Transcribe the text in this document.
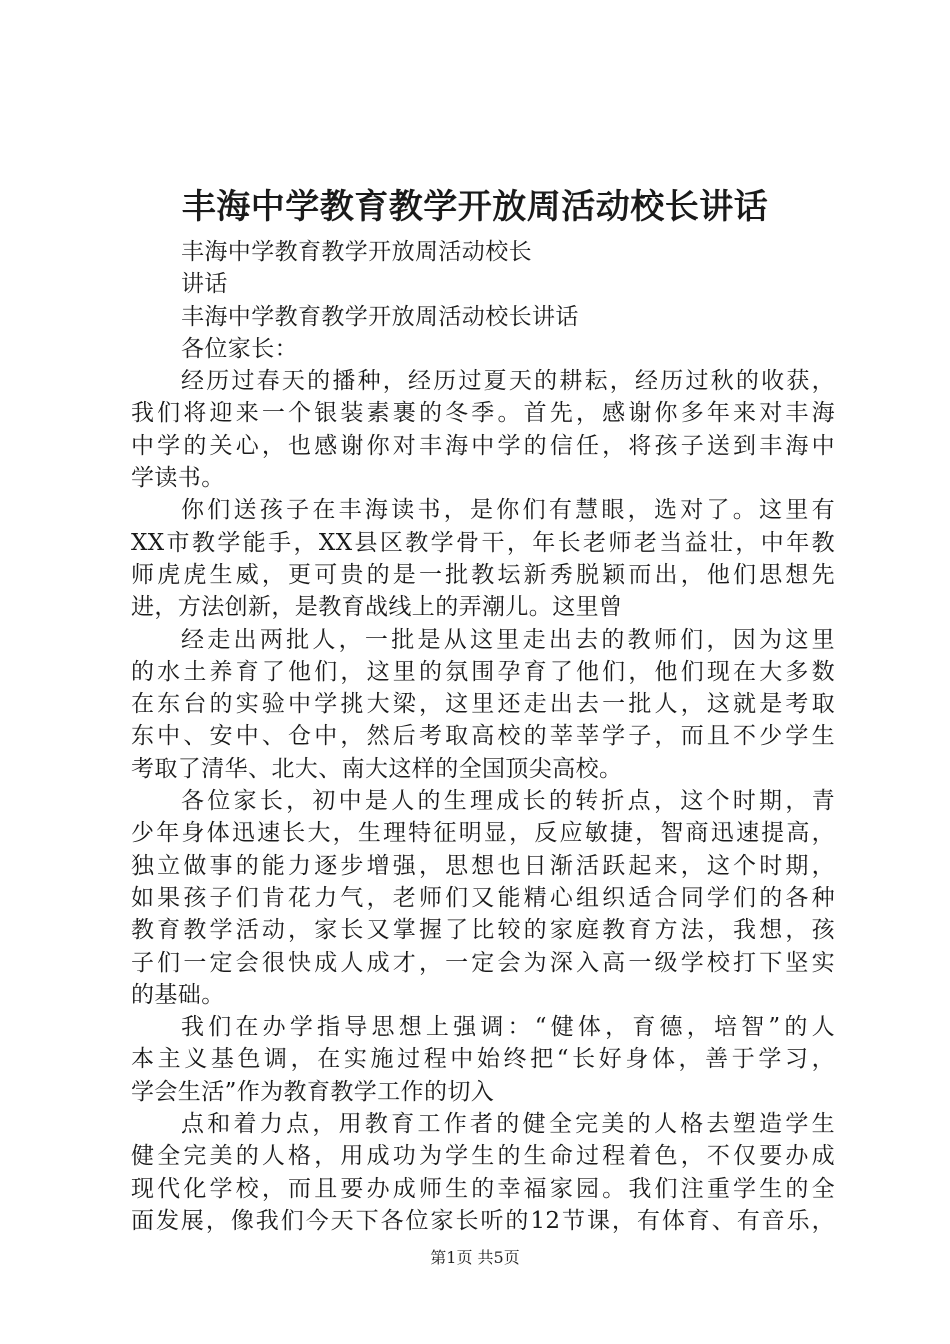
丰海中学教育教学开放周活动校长讲话
丰海中学教育教学开放周活动校长
讲话
丰海中学教育教学开放周活动校长讲话
各位家长：
经历过春天的播种，经历过夏天的耕耘，经历过秋的收获，
我们将迎来一个银装素裹的冬季。首先，感谢你多年来对丰海
中学的关心，也感谢你对丰海中学的信任，将孩子送到丰海中
学读书。
你们送孩子在丰海读书，是你们有慧眼，选对了。这里有
XX市教学能手，XX县区教学骨干，年长老师老当益壮，中年教
师虎虎生威，更可贵的是一批教坛新秀脱颖而出，他们思想先
进，方法创新，是教育战线上的弄潮儿。这里曾
经走出两批人，一批是从这里走出去的教师们，因为这里
的水土养育了他们，这里的氛围孕育了他们，他们现在大多数
在东台的实验中学挑大梁，这里还走出去一批人，这就是考取
东中、安中、仓中，然后考取高校的莘莘学子，而且不少学生
考取了清华、北大、南大这样的全国顶尖高校。
各位家长，初中是人的生理成长的转折点，这个时期，青
少年身体迅速长大，生理特征明显，反应敏捷，智商迅速提高，
独立做事的能力逐步增强，思想也日渐活跃起来，这个时期，
如果孩子们肯花力气，老师们又能精心组织适合同学们的各种
教育教学活动，家长又掌握了比较的家庭教育方法，我想，孩
子们一定会很快成人成才，一定会为深入高一级学校打下坚实
的基础。
我们在办学指导思想上强调：“健体，育德，培智”的人
本主义基色调，在实施过程中始终把“长好身体，善于学习，
学会生活”作为教育教学工作的切入
点和着力点，用教育工作者的健全完美的人格去塑造学生
健全完美的人格，用成功为学生的生命过程着色，不仅要办成
现代化学校，而且要办成师生的幸福家园。我们注重学生的全
面发展，像我们今天下各位家长听的12节课，有体育、有音乐，
第1页 共5页
